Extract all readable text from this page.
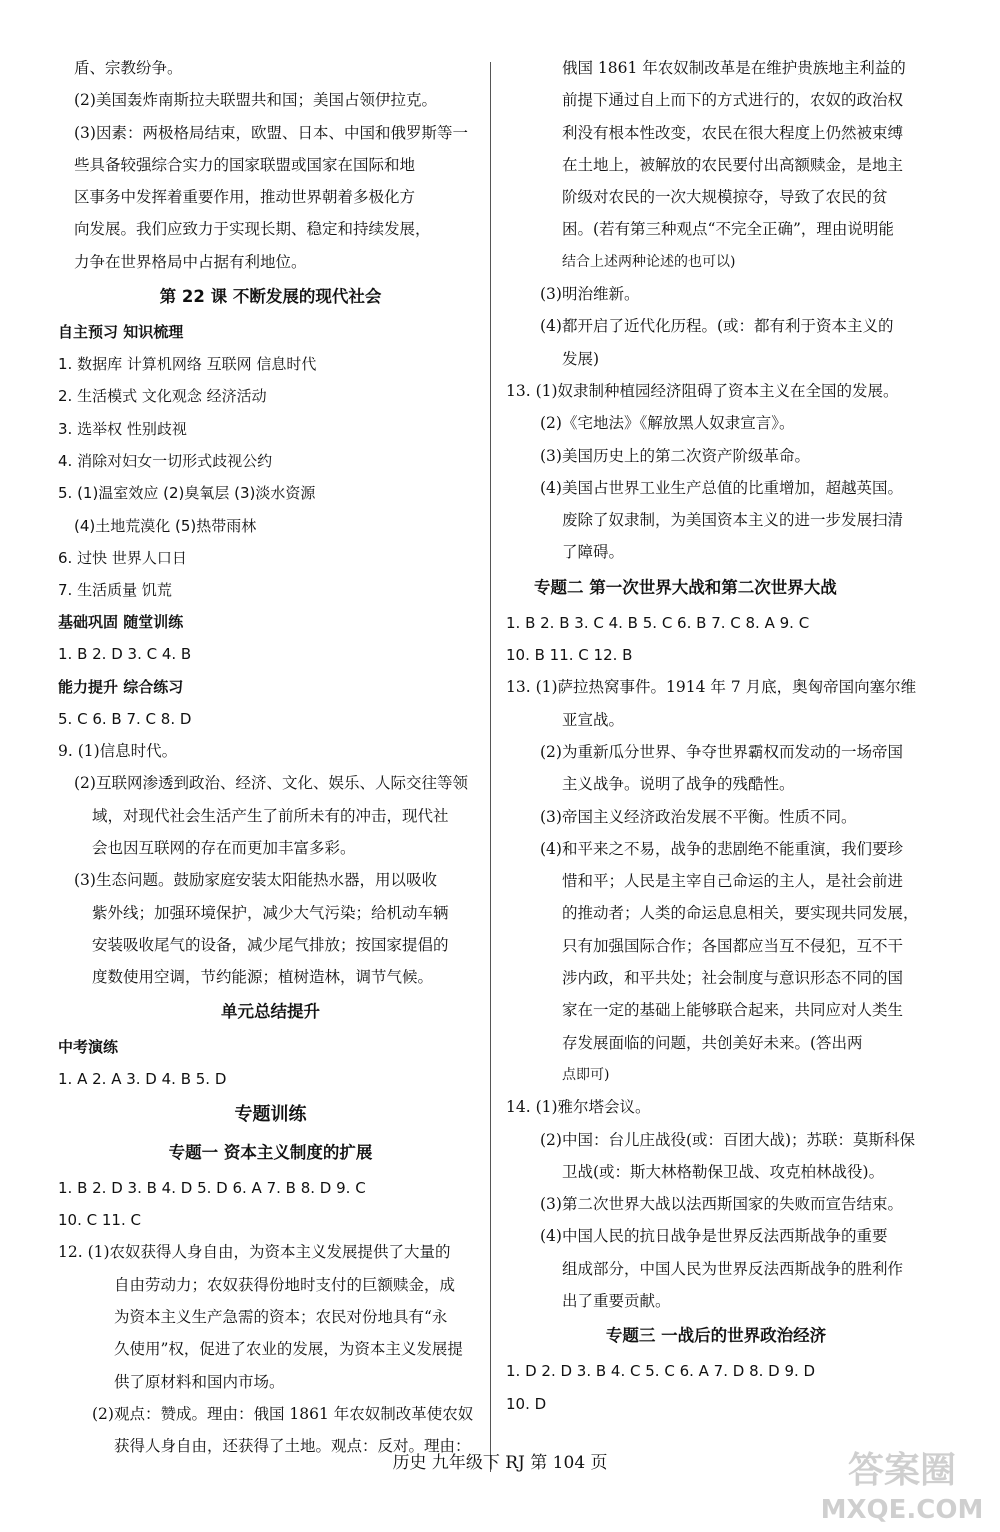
盾、宗教纷争。
(2)美国轰炸南斯拉夫联盟共和国；美国占领伊拉克。
(3)因素：两极格局结束，欧盟、日本、中国和俄罗斯等一
些具备较强综合实力的国家联盟或国家在国际和地
区事务中发挥着重要作用，推动世界朝着多极化方
向发展。我们应致力于实现长期、稳定和持续发展，
力争在世界格局中占据有利地位。
第 22 课 不断发展的现代社会
自主预习 知识梳理
1. 数据库 计算机网络 互联网 信息时代
2. 生活模式 文化观念 经济活动
3. 选举权 性别歧视
4. 消除对妇女一切形式歧视公约
5. (1)温室效应 (2)臭氧层 (3)淡水资源
(4)土地荒漠化 (5)热带雨林
6. 过快 世界人口日
7. 生活质量 饥荒
基础巩固 随堂训练
1. B 2. D 3. C 4. B
能力提升 综合练习
5. C 6. B 7. C 8. D
9. (1)信息时代。
(2)互联网渗透到政治、经济、文化、娱乐、人际交往等领
域，对现代社会生活产生了前所未有的冲击，现代社
会也因互联网的存在而更加丰富多彩。
(3)生态问题。鼓励家庭安装太阳能热水器，用以吸收
紫外线；加强环境保护，减少大气污染；给机动车辆
安装吸收尾气的设备，减少尾气排放；按国家提倡的
度数使用空调，节约能源；植树造林，调节气候。
单元总结提升
中考演练
1. A 2. A 3. D 4. B 5. D
专题训练
专题一 资本主义制度的扩展
1. B 2. D 3. B 4. D 5. D 6. A 7. B 8. D 9. C
10. C 11. C
12. (1)农奴获得人身自由，为资本主义发展提供了大量的
自由劳动力；农奴获得份地时支付的巨额赎金，成
为资本主义生产急需的资本；农民对份地具有“永
久使用”权，促进了农业的发展，为资本主义发展提
供了原材料和国内市场。
(2)观点：赞成。理由：俄国 1861 年农奴制改革使农奴
获得人身自由，还获得了土地。观点：反对。理由：
俄国 1861 年农奴制改革是在维护贵族地主利益的
前提下通过自上而下的方式进行的，农奴的政治权
利没有根本性改变，农民在很大程度上仍然被束缚
在土地上，被解放的农民要付出高额赎金，是地主
阶级对农民的一次大规模掠夺，导致了农民的贫
困。(若有第三种观点“不完全正确”，理由说明能
结合上述两种论述的也可以)
(3)明治维新。
(4)都开启了近代化历程。(或：都有利于资本主义的
发展)
13. (1)奴隶制种植园经济阻碍了资本主义在全国的发展。
(2)《宅地法》《解放黑人奴隶宣言》。
(3)美国历史上的第二次资产阶级革命。
(4)美国占世界工业生产总值的比重增加，超越英国。
废除了奴隶制，为美国资本主义的进一步发展扫清
了障碍。
专题二 第一次世界大战和第二次世界大战
1. B 2. B 3. C 4. B 5. C 6. B 7. C 8. A 9. C
10. B 11. C 12. B
13. (1)萨拉热窝事件。1914 年 7 月底，奥匈帝国向塞尔维
亚宣战。
(2)为重新瓜分世界、争夺世界霸权而发动的一场帝国
主义战争。说明了战争的残酷性。
(3)帝国主义经济政治发展不平衡。性质不同。
(4)和平来之不易，战争的悲剧绝不能重演，我们要珍
惜和平；人民是主宰自己命运的主人，是社会前进
的推动者；人类的命运息息相关，要实现共同发展，
只有加强国际合作；各国都应当互不侵犯，互不干
涉内政，和平共处；社会制度与意识形态不同的国
家在一定的基础上能够联合起来，共同应对人类生
存发展面临的问题，共创美好未来。(答出两
点即可)
14. (1)雅尔塔会议。
(2)中国：台儿庄战役(或：百团大战)；苏联：莫斯科保
卫战(或：斯大林格勒保卫战、攻克柏林战役)。
(3)第二次世界大战以法西斯国家的失败而宣告结束。
(4)中国人民的抗日战争是世界反法西斯战争的重要
组成部分，中国人民为世界反法西斯战争的胜利作
出了重要贡献。
专题三 一战后的世界政治经济
1. D 2. D 3. B 4. C 5. C 6. A 7. D 8. D 9. D
10. D
历史 九年级下 RJ 第 104 页	答案圈
MXQE.COM
